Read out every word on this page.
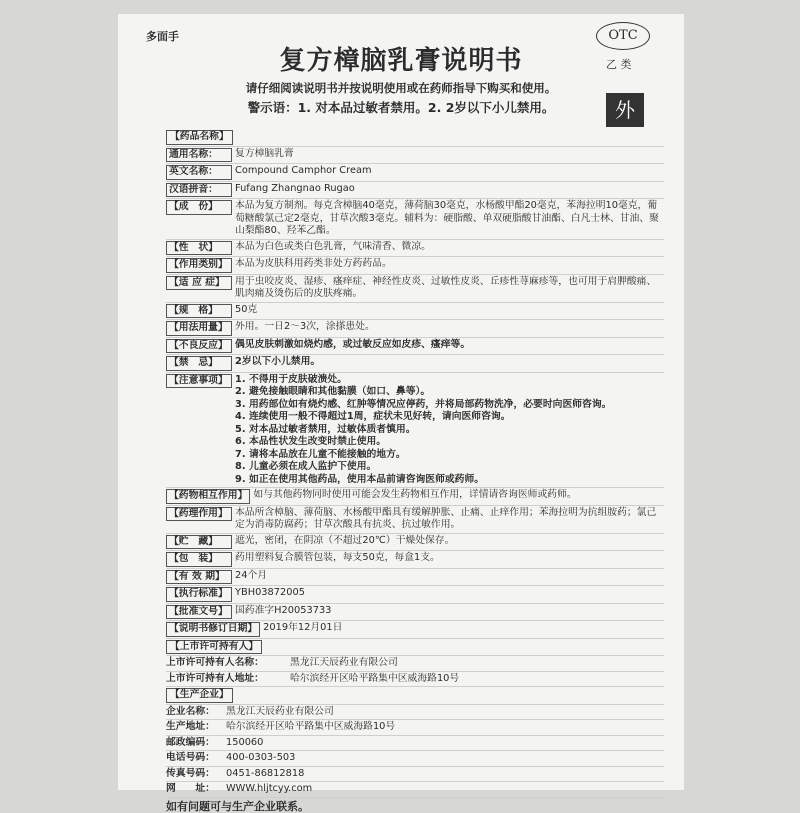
多面手	OTC
复方樟脑乳膏说明书	乙 类
请仔细阅读说明书并按说明使用或在药师指导下购买和使用。
警示语：1. 对本品过敏者禁用。2. 2岁以下小儿禁用。	外
【药品名称】
通用名称：	复方樟脑乳膏
英文名称：	Compound Camphor Cream
汉语拼音：	Fufang Zhangnao Rugao
【成　份】	本品为复方制剂。每克含樟脑40毫克，薄荷脑30毫克，水杨酸甲酯20毫克，苯海拉明10毫克，葡萄糖酸氯己定2毫克，甘草次酸3毫克。辅料为：硬脂酸、单双硬脂酸甘油酯、白凡士林、甘油、聚山梨酯80、羟苯乙酯。
【性　状】	本品为白色或类白色乳膏，气味清香、微凉。
【作用类别】 本品为皮肤科用药类非处方药药品。
【适 应 症】	用于虫咬皮炎、湿疹、瘙痒症、神经性皮炎、过敏性皮炎、丘疹性荨麻疹等，也可用于肩胛酸痛、肌肉痛及烫伤后的皮肤疼痛。
【规　格】	50克
【用法用量】 外用。一日2～3次，涂搽患处。
【不良反应】 偶见皮肤刺激如烧灼感，或过敏反应如皮疹、瘙痒等。
【禁　忌】	2岁以下小儿禁用。
【注意事项】 1. 不得用于皮肤破溃处。
2. 避免接触眼睛和其他黏膜（如口、鼻等）。
3. 用药部位如有烧灼感、红肿等情况应停药，并将局部药物洗净，必要时向医师咨询。
4. 连续使用一般不得超过1周，症状未见好转，请向医师咨询。
5. 对本品过敏者禁用，过敏体质者慎用。
6. 本品性状发生改变时禁止使用。
7. 请将本品放在儿童不能接触的地方。
8. 儿童必须在成人监护下使用。
9. 如正在使用其他药品，使用本品前请咨询医师或药师。
【药物相互作用】 如与其他药物同时使用可能会发生药物相互作用，详情请咨询医师或药师。
【药理作用】 本品所含樟脑、薄荷脑、水杨酸甲酯具有缓解肿胀、止痛、止痒作用；苯海拉明为抗组胺药；氯己定为消毒防腐药；甘草次酸具有抗炎、抗过敏作用。
【贮　藏】	遮光，密闭，在阴凉（不超过20℃）干燥处保存。
【包　装】	药用塑料复合膜管包装，每支50克，每盒1支。
【有 效 期】	24个月
【执行标准】 YBH03872005
【批准文号】 国药准字H20053733
【说明书修订日期】 2019年12月01日
【上市许可持有人】
上市许可持有人名称：	黑龙江天辰药业有限公司
上市许可持有人地址：	哈尔滨经开区哈平路集中区威海路10号
【生产企业】
企业名称：	黑龙江天辰药业有限公司
生产地址：	哈尔滨经开区哈平路集中区威海路10号
邮政编码：	150060
电话号码：	400-0303-503
传真号码：	0451-86812818
网　　址：	WWW.hljtcyy.com
如有问题可与生产企业联系。
